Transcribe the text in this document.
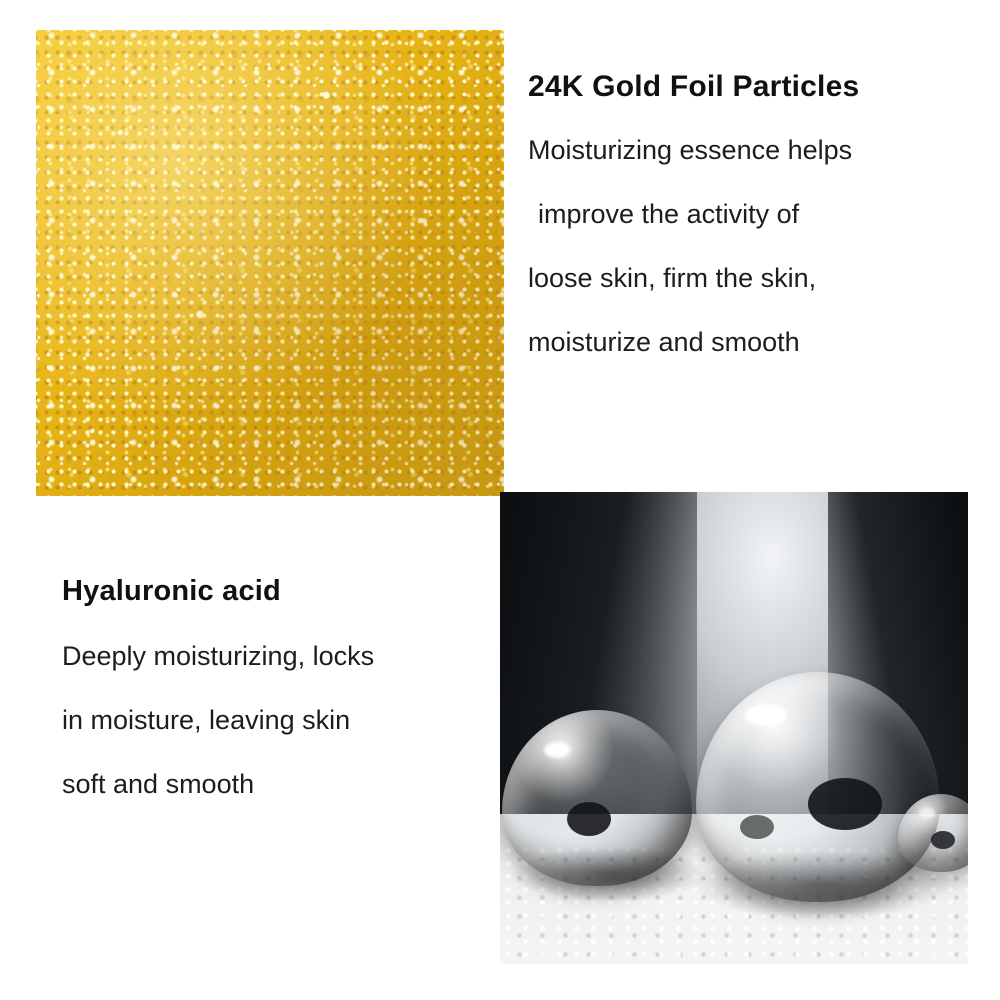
24K Gold Foil Particles
Moisturizing essence helps
improve the activity of
loose skin, firm the skin,
moisturize and smooth
Hyaluronic acid
Deeply moisturizing, locks
in moisture, leaving skin
soft and smooth
